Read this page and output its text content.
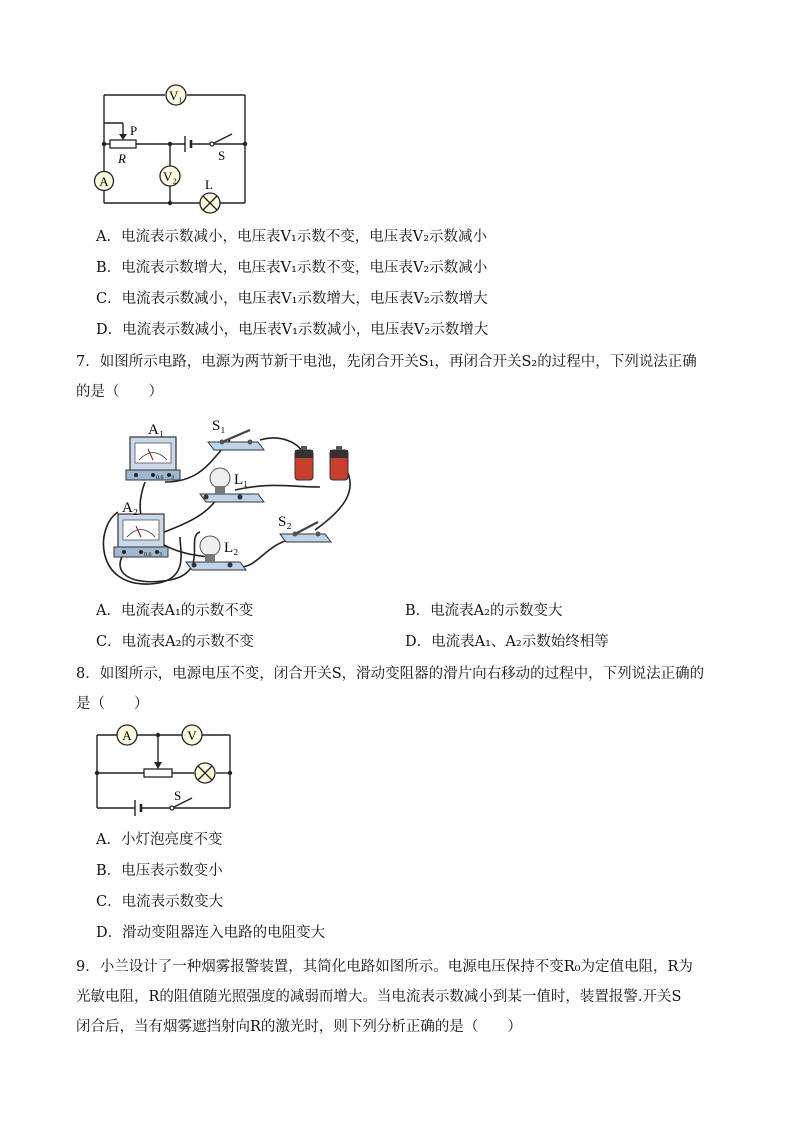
V₁
V₂
A
P
R	S
L
A．电流表示数减小，电压表V₁示数不变，电压表V₂示数减小
B．电流表示数增大，电压表V₁示数不变，电压表V₂示数减小
C．电流表示数减小，电压表V₁示数增大，电压表V₂示数增大
D．电流表示数减小，电压表V₁示数减小，电压表V₂示数增大
7．如图所示电路，电源为两节新干电池，先闭合开关S₁，再闭合开关S₂的过程中，下列说法正确
的是（　　）
0.6 3
A₁
0.6 3
A₂
S₁
L₁
S₂
L₂
A．电流表A₁的示数不变	B．电流表A₂的示数变大
C．电流表A₂的示数不变	D．电流表A₁、A₂示数始终相等
8．如图所示，电源电压不变，闭合开关S，滑动变阻器的滑片向右移动的过程中，下列说法正确的
是（　　）
A	V
S
A．小灯泡亮度不变
B．电压表示数变小
C．电流表示数变大
D．滑动变阻器连入电路的电阻变大
9．小兰设计了一种烟雾报警装置，其简化电路如图所示。电源电压保持不变R₀为定值电阻，R为
光敏电阻，R的阻值随光照强度的减弱而增大。当电流表示数减小到某一值时，装置报警.开关S
闭合后，当有烟雾遮挡射向R的激光时，则下列分析正确的是（　　）
